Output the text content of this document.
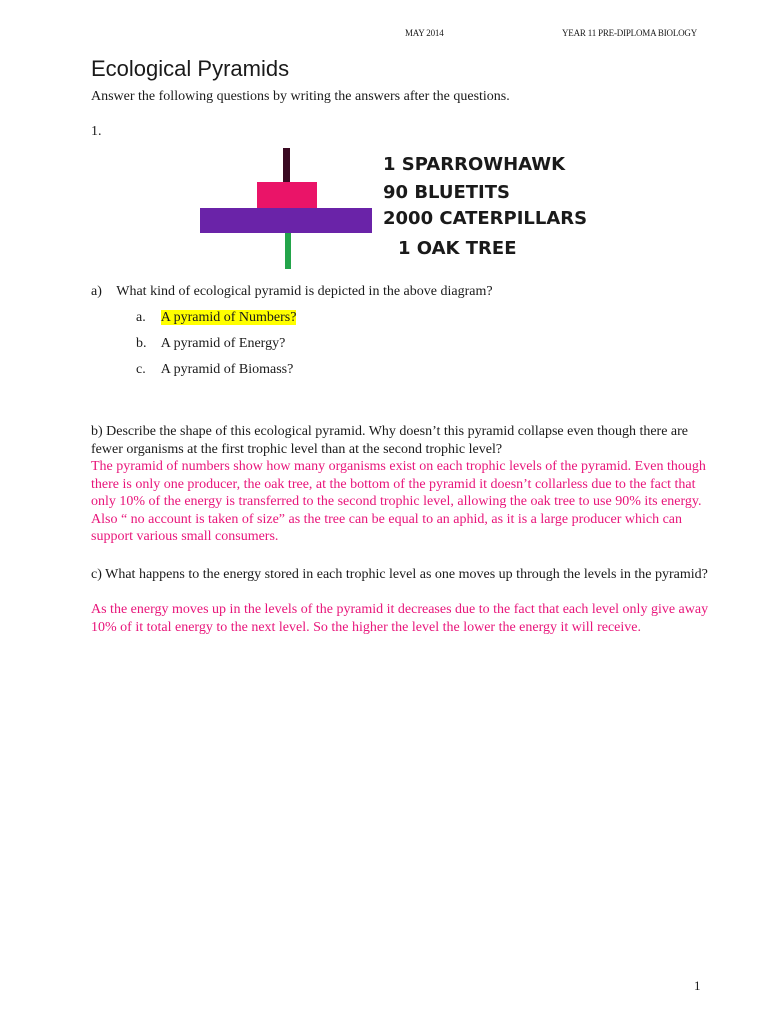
MAY 2014	YEAR 11 PRE-DIPLOMA BIOLOGY
Ecological Pyramids
Answer the following questions by writing the answers after the questions.
1.
1 SPARROWHAWK
90 BLUETITS
2000 CATERPILLARS
1 OAK TREE
a) What kind of ecological pyramid is depicted in the above diagram?
a. A pyramid of Numbers?
b. A pyramid of Energy?
c. A pyramid of Biomass?
b) Describe the shape of this ecological pyramid. Why doesn’t this pyramid collapse even though there are fewer organisms at the first trophic level than at the second trophic level?
The pyramid of numbers show how many organisms exist on each trophic levels of the pyramid. Even though there is only one producer, the oak tree, at the bottom of the pyramid it doesn’t collarless due to the fact that only 10% of the energy is transferred to the second trophic level, allowing the oak tree to use 90% its energy. Also “ no account is taken of size” as the tree can be equal to an aphid, as it is a large producer which can support various small consumers.
c) What happens to the energy stored in each trophic level as one moves up through the levels in the pyramid?
As the energy moves up in the levels of the pyramid it decreases due to the fact that each level only give away 10% of it total energy to the next level. So the higher the level the lower the energy it will receive.
1
